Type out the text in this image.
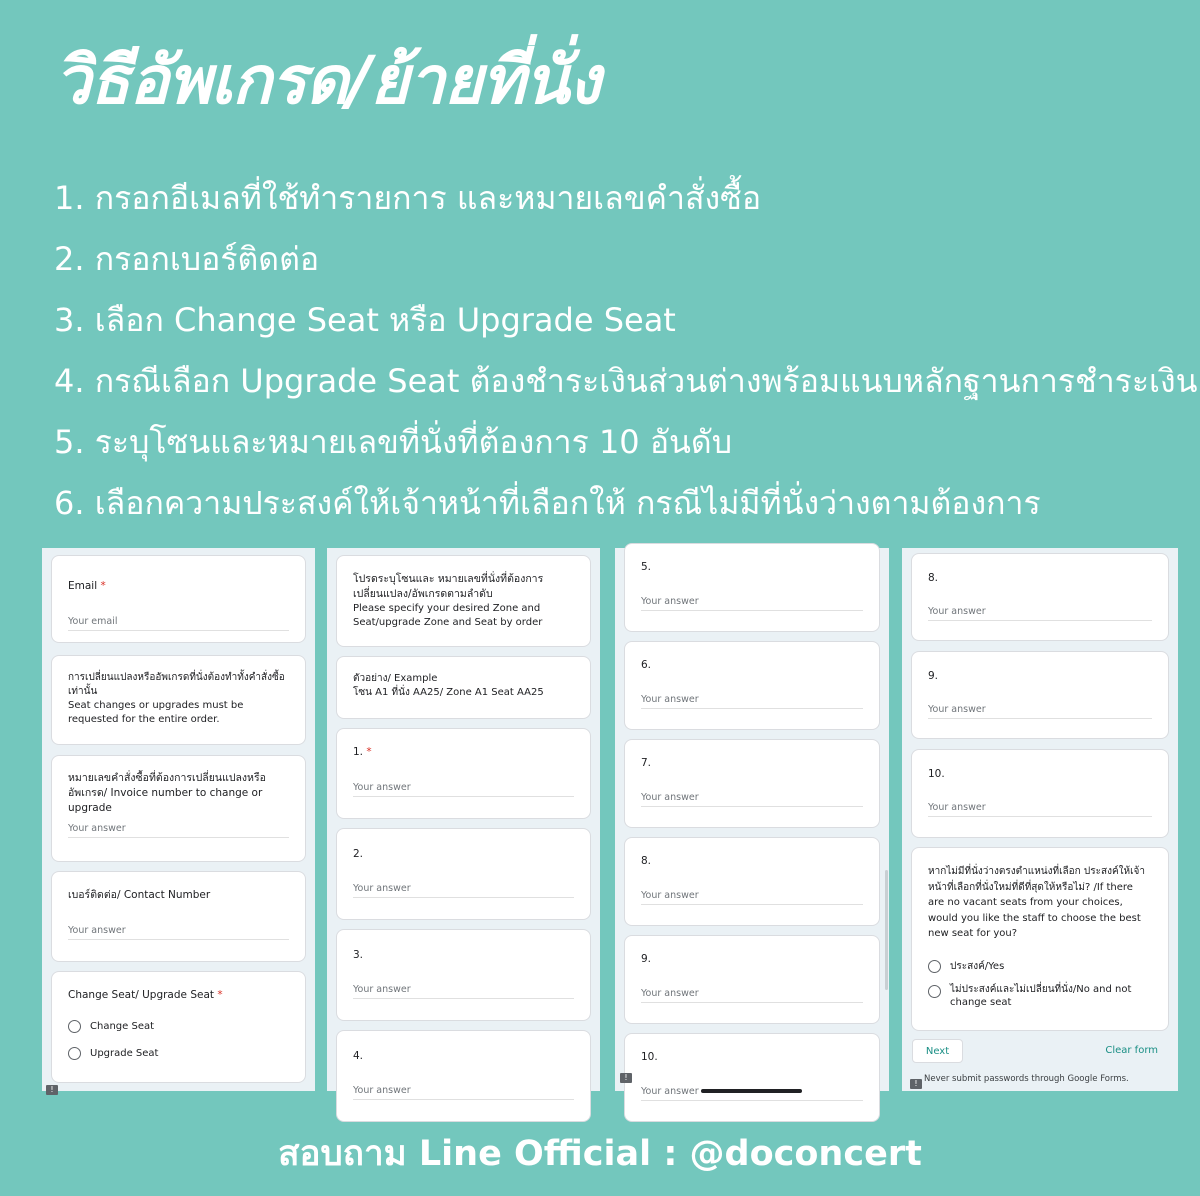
วิธีอัพเกรด/ย้ายที่นั่ง
1. กรอกอีเมลที่ใช้ทำรายการ และหมายเลขคำสั่งซื้อ
2. กรอกเบอร์ติดต่อ
3. เลือก Change Seat หรือ Upgrade Seat
4. กรณีเลือก Upgrade Seat ต้องชำระเงินส่วนต่างพร้อมแนบหลักฐานการชำระเงิน
5. ระบุโซนและหมายเลขที่นั่งที่ต้องการ 10 อันดับ
6. เลือกความประสงค์ให้เจ้าหน้าที่เลือกให้ กรณีไม่มีที่นั่งว่างตามต้องการ
Email *
Your email
การเปลี่ยนแปลงหรืออัพเกรดที่นั่งต้องทำทั้งคำสั่งซื้อเท่านั้น
Seat changes or upgrades must be requested for the entire order.
หมายเลขคำสั่งซื้อที่ต้องการเปลี่ยนแปลงหรืออัพเกรด/ Invoice number to change or upgrade
Your answer
เบอร์ติดต่อ/ Contact Number
Your answer
Change Seat/ Upgrade Seat *
Change Seat
Upgrade Seat
!
โปรดระบุโซนและ หมายเลขที่นั่งที่ต้องการเปลี่ยนแปลง/อัพเกรดตามลำดับ
Please specify your desired Zone and Seat/upgrade Zone and Seat by order
ตัวอย่าง/ Example
โซน A1 ที่นั่ง AA25/ Zone A1 Seat AA25
1. *
Your answer
2.
Your answer
3.
Your answer
4.
Your answer
5.
Your answer
6.
Your answer
7.
Your answer
8.
Your answer
9.
Your answer
10.
Your answer
!
8.
Your answer
9.
Your answer
10.
Your answer
หากไม่มีที่นั่งว่างตรงตำแหน่งที่เลือก ประสงค์ให้เจ้าหน้าที่เลือกที่นั่งใหม่ที่ดีที่สุดให้หรือไม่? /If there are no vacant seats from your choices, would you like the staff to choose the best new seat for you?
ประสงค์/Yes
ไม่ประสงค์และไม่เปลี่ยนที่นั่ง/No and not change seat
Next	Clear form
! Never submit passwords through Google Forms.
สอบถาม Line Official : @doconcert
